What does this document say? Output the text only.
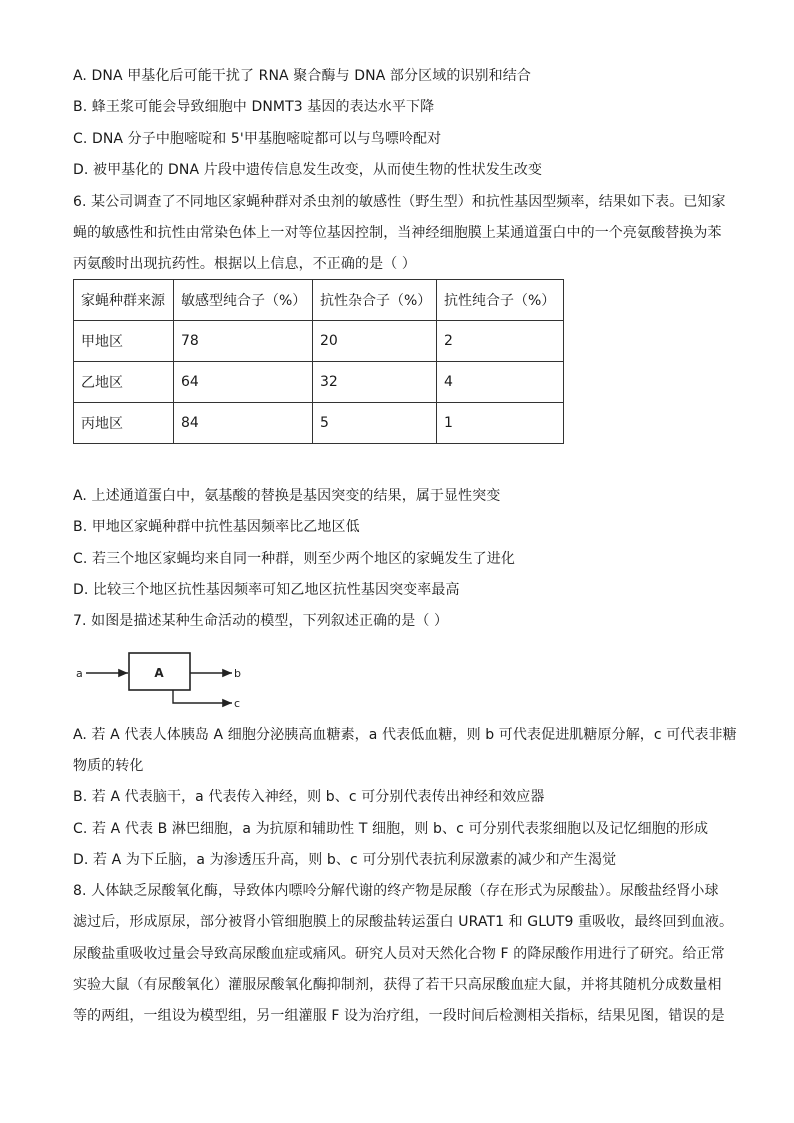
A. DNA 甲基化后可能干扰了 RNA 聚合酶与 DNA 部分区域的识别和结合
B. 蜂王浆可能会导致细胞中 DNMT3 基因的表达水平下降
C. DNA 分子中胞嘧啶和 5'甲基胞嘧啶都可以与鸟嘌呤配对
D. 被甲基化的 DNA 片段中遗传信息发生改变，从而使生物的性状发生改变
6. 某公司调查了不同地区家蝇种群对杀虫剂的敏感性（野生型）和抗性基因型频率，结果如下表。已知家
蝇的敏感性和抗性由常染色体上一对等位基因控制，当神经细胞膜上某通道蛋白中的一个亮氨酸替换为苯
丙氨酸时出现抗药性。根据以上信息，不正确的是（ ）
家蝇种群来源	敏感型纯合子（%）	抗性杂合子（%）	抗性纯合子（%）
甲地区	78	20	2
乙地区	64	32	4
丙地区	84	5	1
A. 上述通道蛋白中，氨基酸的替换是基因突变的结果，属于显性突变
B. 甲地区家蝇种群中抗性基因频率比乙地区低
C. 若三个地区家蝇均来自同一种群，则至少两个地区的家蝇发生了进化
D. 比较三个地区抗性基因频率可知乙地区抗性基因突变率最高
7. 如图是描述某种生命活动的模型，下列叙述正确的是（ ）
a	A	b
c
A. 若 A 代表人体胰岛 A 细胞分泌胰高血糖素，a 代表低血糖，则 b 可代表促进肌糖原分解，c 可代表非糖
物质的转化
B. 若 A 代表脑干，a 代表传入神经，则 b、c 可分别代表传出神经和效应器
C. 若 A 代表 B 淋巴细胞，a 为抗原和辅助性 T 细胞，则 b、c 可分别代表浆细胞以及记忆细胞的形成
D. 若 A 为下丘脑，a 为渗透压升高，则 b、c 可分别代表抗利尿激素的减少和产生渴觉
8. 人体缺乏尿酸氧化酶，导致体内嘌呤分解代谢的终产物是尿酸（存在形式为尿酸盐）。尿酸盐经肾小球
滤过后，形成原尿，部分被肾小管细胞膜上的尿酸盐转运蛋白 URAT1 和 GLUT9 重吸收，最终回到血液。
尿酸盐重吸收过量会导致高尿酸血症或痛风。研究人员对天然化合物 F 的降尿酸作用进行了研究。给正常
实验大鼠（有尿酸氧化）灌服尿酸氧化酶抑制剂，获得了若干只高尿酸血症大鼠，并将其随机分成数量相
等的两组，一组设为模型组，另一组灌服 F 设为治疗组，一段时间后检测相关指标，结果见图，错误的是
